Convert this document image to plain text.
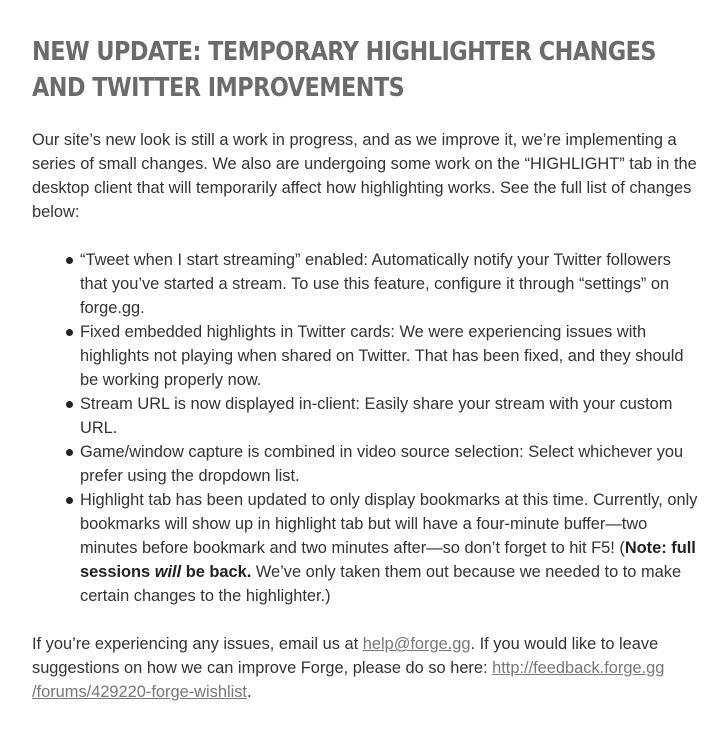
NEW UPDATE: TEMPORARY HIGHLIGHTER CHANGES AND TWITTER IMPROVEMENTS

Our site’s new look is still a work in progress, and as we improve it, we’re implementing a series of small changes. We also are undergoing some work on the “HIGHLIGHT” tab in the desktop client that will temporarily affect how highlighting works. See the full list of changes below:

“Tweet when I start streaming” enabled: Automatically notify your Twitter followers that you’ve started a stream. To use this feature, configure it through “settings” on forge.gg.
Fixed embedded highlights in Twitter cards: We were experiencing issues with highlights not playing when shared on Twitter. That has been fixed, and they should be working properly now.
Stream URL is now displayed in-client: Easily share your stream with your custom URL.
Game/window capture is combined in video source selection: Select whichever you prefer using the dropdown list.
Highlight tab has been updated to only display bookmarks at this time. Currently, only bookmarks will show up in highlight tab but will have a four-minute buffer—two minutes before bookmark and two minutes after—so don’t forget to hit F5! (Note: full sessions will be back. We’ve only taken them out because we needed to to make certain changes to the highlighter.)

If you’re experiencing any issues, email us at help@forge.gg. If you would like to leave suggestions on how we can improve Forge, please do so here: http://feedback.forge.gg
/forums/429220-forge-wishlist.
